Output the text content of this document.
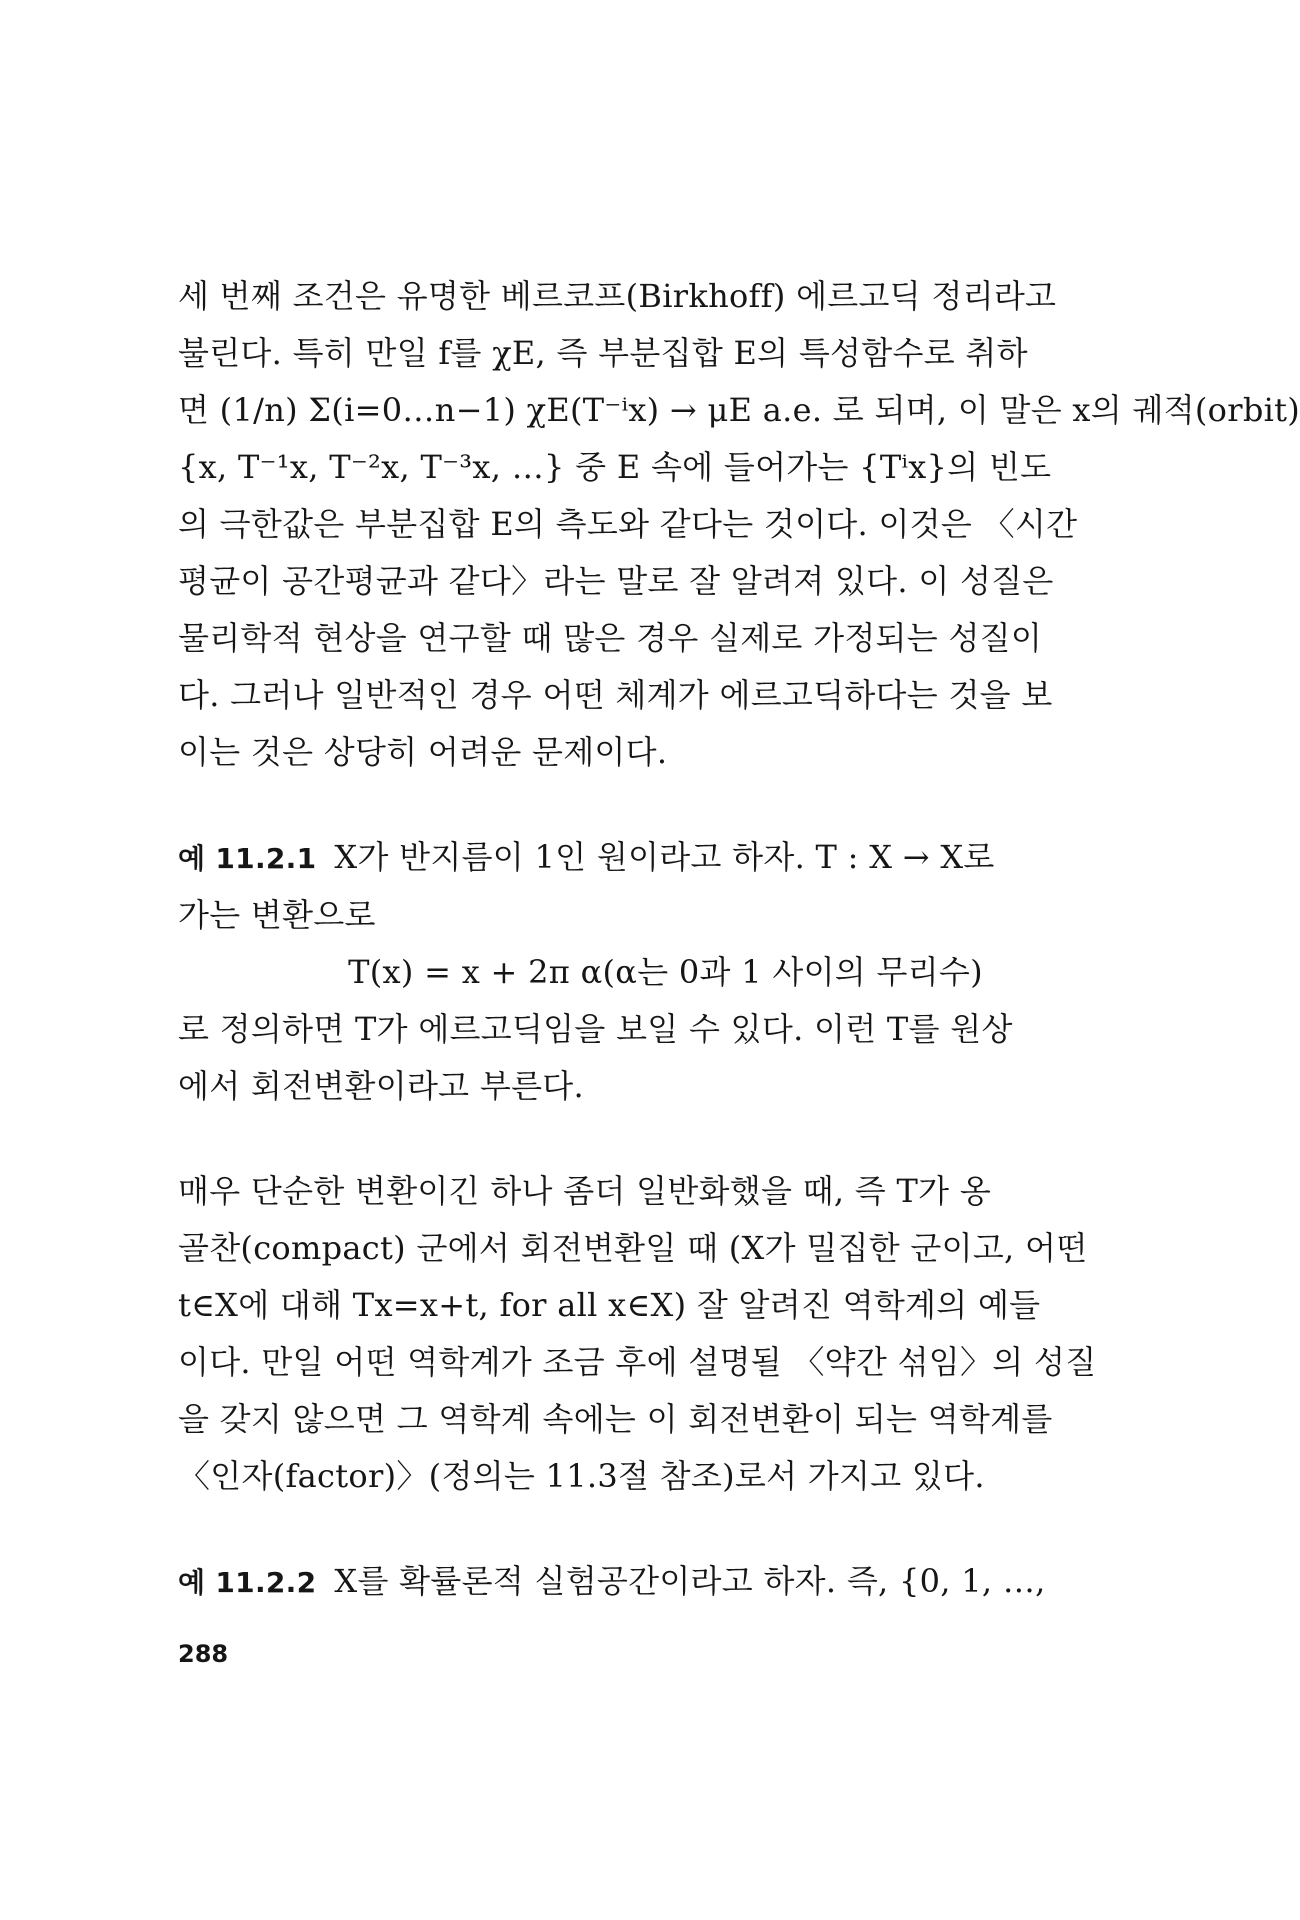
세 번째 조건은 유명한 베르코프(Birkhoff) 에르고딕 정리라고

불린다. 특히 만일 f를 χE, 즉 부분집합 E의 특성함수로 취하

면 (1/n) Σ(i=0…n−1) χE(T⁻ⁱx) → μE a.e. 로 되며, 이 말은 x의 궤적(orbit)

{x, T⁻¹x, T⁻²x, T⁻³x, …} 중 E 속에 들어가는 {Tⁱx}의 빈도

의 극한값은 부분집합 E의 측도와 같다는 것이다. 이것은 〈시간

평균이 공간평균과 같다〉라는 말로 잘 알려져 있다. 이 성질은

물리학적 현상을 연구할 때 많은 경우 실제로 가정되는 성질이

다. 그러나 일반적인 경우 어떤 체계가 에르고딕하다는 것을 보

이는 것은 상당히 어려운 문제이다.

예 11.2.1 X가 반지름이 1인 원이라고 하자. T : X → X로

가는 변환으로

T(x) = x + 2π α(α는 0과 1 사이의 무리수)

로 정의하면 T가 에르고딕임을 보일 수 있다. 이런 T를 원상

에서 회전변환이라고 부른다.

매우 단순한 변환이긴 하나 좀더 일반화했을 때, 즉 T가 옹

골찬(compact) 군에서 회전변환일 때 (X가 밀집한 군이고, 어떤

t∈X에 대해 Tx=x+t, for all x∈X) 잘 알려진 역학계의 예들

이다. 만일 어떤 역학계가 조금 후에 설명될 〈약간 섞임〉의 성질

을 갖지 않으면 그 역학계 속에는 이 회전변환이 되는 역학계를

〈인자(factor)〉(정의는 11.3절 참조)로서 가지고 있다.

예 11.2.2 X를 확률론적 실험공간이라고 하자. 즉, {0, 1, …,

288
